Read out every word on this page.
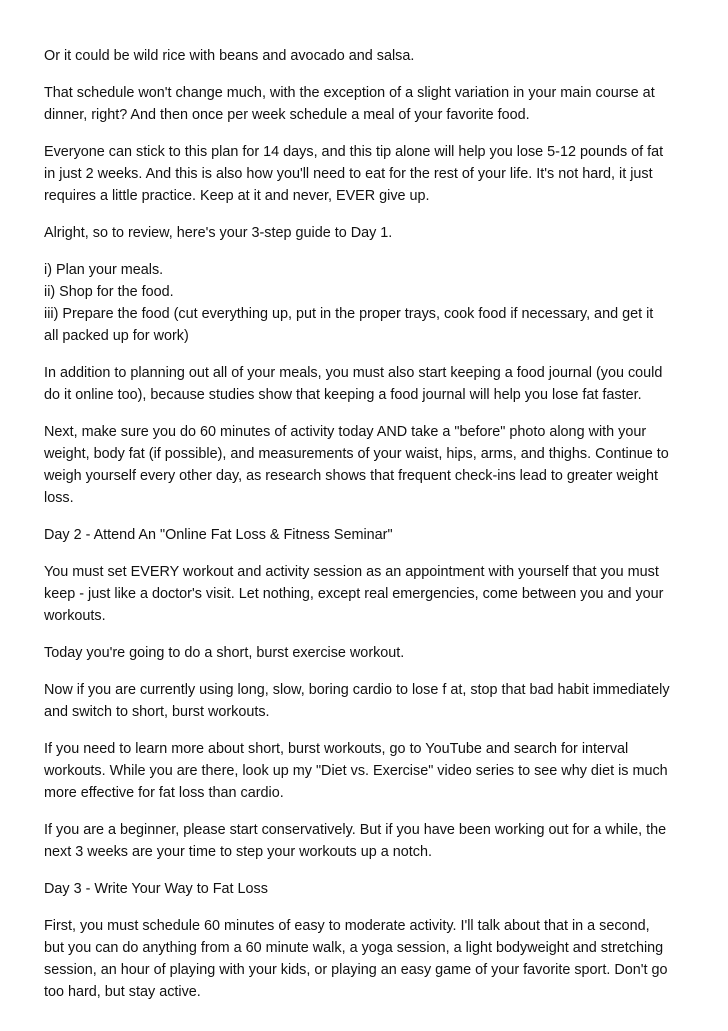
Or it could be wild rice with beans and avocado and salsa.

That schedule won't change much, with the exception of a slight variation in your main course at
dinner, right? And then once per week schedule a meal of your favorite food.

Everyone can stick to this plan for 14 days, and this tip alone will help you lose 5-12 pounds of fat
in just 2 weeks. And this is also how you'll need to eat for the rest of your life. It's not hard, it just
requires a little practice. Keep at it and never, EVER give up.

Alright, so to review, here's your 3-step guide to Day 1.

i) Plan your meals.
ii) Shop for the food.
iii) Prepare the food (cut everything up, put in the proper trays, cook food if necessary, and get it
all packed up for work)

In addition to planning out all of your meals, you must also start keeping a food journal (you could
do it online too), because studies show that keeping a food journal will help you lose fat faster.

Next, make sure you do 60 minutes of activity today AND take a "before" photo along with your
weight, body fat (if possible), and measurements of your waist, hips, arms, and thighs. Continue to
weigh yourself every other day, as research shows that frequent check-ins lead to greater weight
loss.

Day 2 - Attend An "Online Fat Loss & Fitness Seminar"

You must set EVERY workout and activity session as an appointment with yourself that you must
keep - just like a doctor's visit. Let nothing, except real emergencies, come between you and your
workouts.

Today you're going to do a short, burst exercise workout.

Now if you are currently using long, slow, boring cardio to lose f at, stop that bad habit immediately
and switch to short, burst workouts.

If you need to learn more about short, burst workouts, go to YouTube and search for interval
workouts. While you are there, look up my "Diet vs. Exercise" video series to see why diet is much
more effective for fat loss than cardio.

If you are a beginner, please start conservatively. But if you have been working out for a while, the
next 3 weeks are your time to step your workouts up a notch.

Day 3 - Write Your Way to Fat Loss

First, you must schedule 60 minutes of easy to moderate activity. I'll talk about that in a second,
but you can do anything from a 60 minute walk, a yoga session, a light bodyweight and stretching
session, an hour of playing with your kids, or playing an easy game of your favorite sport. Don't go
too hard, but stay active.
